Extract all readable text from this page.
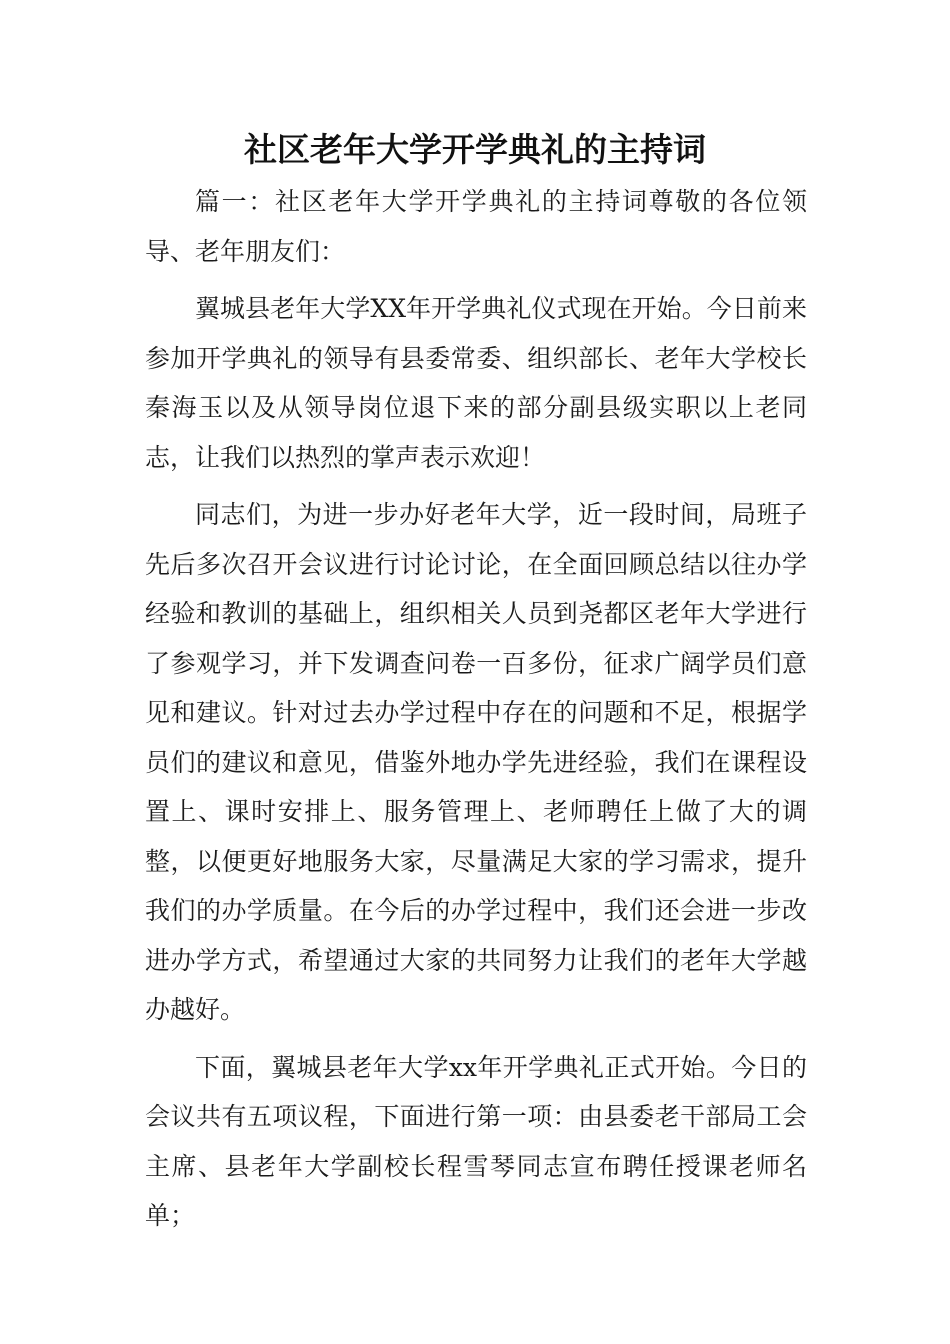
社区老年大学开学典礼的主持词

篇一：社区老年大学开学典礼的主持词尊敬的各位领导、老年朋友们：

翼城县老年大学XX年开学典礼仪式现在开始。今日前来参加开学典礼的领导有县委常委、组织部长、老年大学校长秦海玉以及从领导岗位退下来的部分副县级实职以上老同志，让我们以热烈的掌声表示欢迎！

同志们，为进一步办好老年大学，近一段时间，局班子先后多次召开会议进行讨论讨论，在全面回顾总结以往办学经验和教训的基础上，组织相关人员到尧都区老年大学进行了参观学习，并下发调查问卷一百多份，征求广阔学员们意见和建议。针对过去办学过程中存在的问题和不足，根据学员们的建议和意见，借鉴外地办学先进经验，我们在课程设置上、课时安排上、服务管理上、老师聘任上做了大的调整，以便更好地服务大家，尽量满足大家的学习需求，提升我们的办学质量。在今后的办学过程中，我们还会进一步改进办学方式，希望通过大家的共同努力让我们的老年大学越办越好。

下面，翼城县老年大学xx年开学典礼正式开始。今日的会议共有五项议程，下面进行第一项：由县委老干部局工会主席、县老年大学副校长程雪琴同志宣布聘任授课老师名单；
